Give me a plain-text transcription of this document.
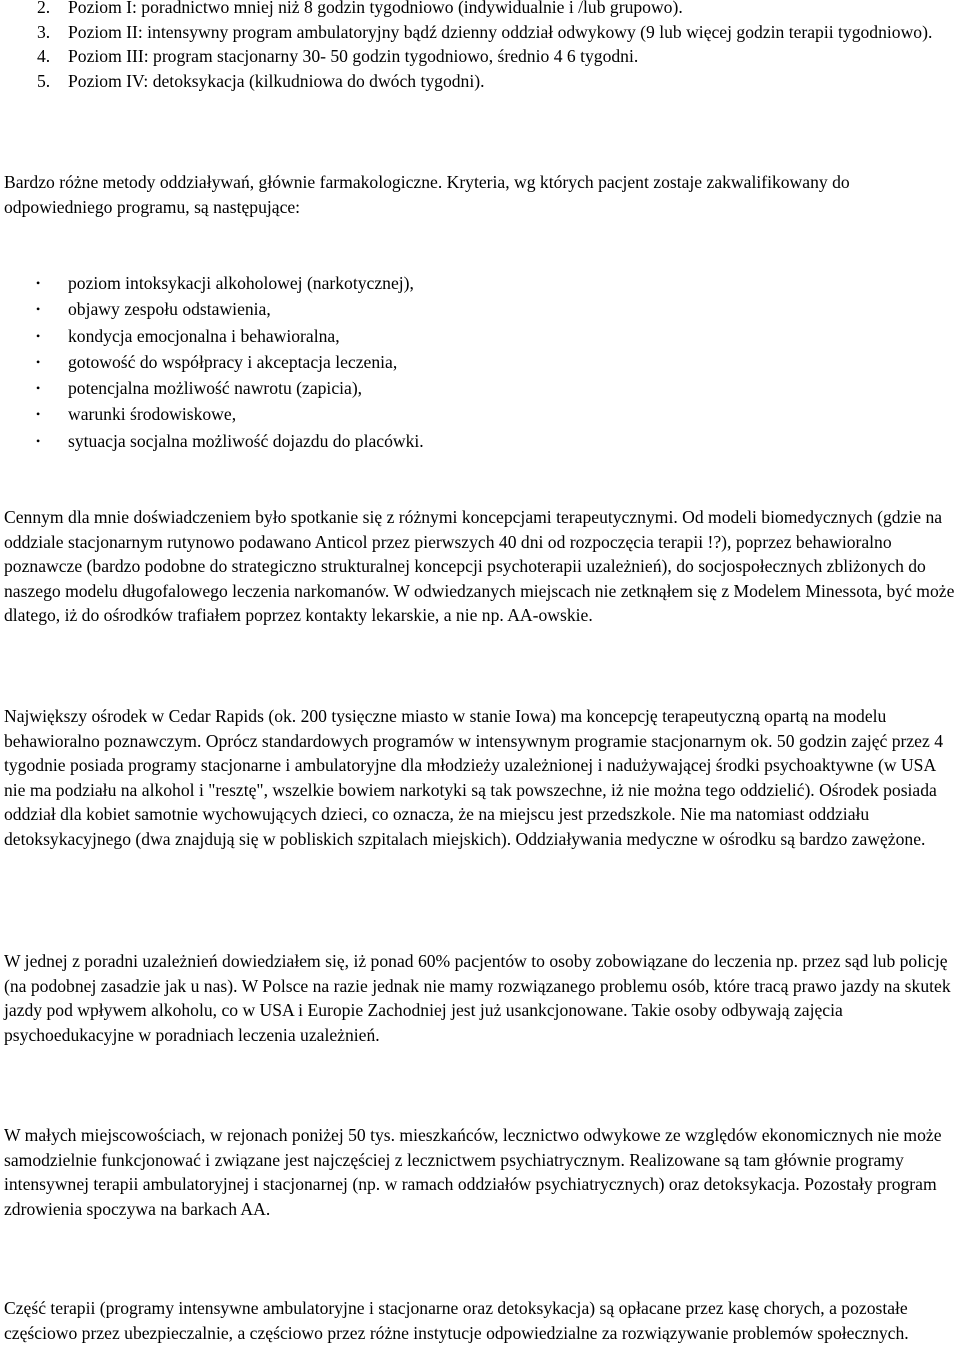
2. Poziom I: poradnictwo mniej niż 8 godzin tygodniowo (indywidualnie i /lub grupowo).
3. Poziom II: intensywny program ambulatoryjny bądź dzienny oddział odwykowy (9 lub więcej godzin terapii tygodniowo).
4. Poziom III: program stacjonarny 30- 50 godzin tygodniowo, średnio 4 6 tygodni.
5. Poziom IV: detoksykacja (kilkudniowa do dwóch tygodni).

Bardzo różne metody oddziaływań, głównie farmakologiczne. Kryteria, wg których pacjent zostaje zakwalifikowany do odpowiedniego programu, są następujące:

• poziom intoksykacji alkoholowej (narkotycznej),
• objawy zespołu odstawienia,
• kondycja emocjonalna i behawioralna,
• gotowość do współpracy i akceptacja leczenia,
• potencjalna możliwość nawrotu (zapicia),
• warunki środowiskowe,
• sytuacja socjalna możliwość dojazdu do placówki.

Cennym dla mnie doświadczeniem było spotkanie się z różnymi koncepcjami terapeutycznymi. Od modeli biomedycznych (gdzie na oddziale stacjonarnym rutynowo podawano Anticol przez pierwszych 40 dni od rozpoczęcia terapii !?), poprzez behawioralno poznawcze (bardzo podobne do strategiczno strukturalnej koncepcji psychoterapii uzależnień), do socjospołecznych zbliżonych do naszego modelu długofalowego leczenia narkomanów. W odwiedzanych miejscach nie zetknąłem się z Modelem Minessota, być może dlatego, iż do ośrodków trafiałem poprzez kontakty lekarskie, a nie np. AA-owskie.

Największy ośrodek w Cedar Rapids (ok. 200 tysięczne miasto w stanie Iowa) ma koncepcję terapeutyczną opartą na modelu behawioralno poznawczym. Oprócz standardowych programów w intensywnym programie stacjonarnym ok. 50 godzin zajęć przez 4 tygodnie posiada programy stacjonarne i ambulatoryjne dla młodzieży uzależnionej i nadużywającej środki psychoaktywne (w USA nie ma podziału na alkohol i "resztę", wszelkie bowiem narkotyki są tak powszechne, iż nie można tego oddzielić). Ośrodek posiada oddział dla kobiet samotnie wychowujących dzieci, co oznacza, że na miejscu jest przedszkole. Nie ma natomiast oddziału detoksykacyjnego (dwa znajdują się w pobliskich szpitalach miejskich). Oddziaływania medyczne w ośrodku są bardzo zawężone.

W jednej z poradni uzależnień dowiedziałem się, iż ponad 60% pacjentów to osoby zobowiązane do leczenia np. przez sąd lub policję (na podobnej zasadzie jak u nas). W Polsce na razie jednak nie mamy rozwiązanego problemu osób, które tracą prawo jazdy na skutek jazdy pod wpływem alkoholu, co w USA i Europie Zachodniej jest już usankcjonowane. Takie osoby odbywają zajęcia psychoedukacyjne w poradniach leczenia uzależnień.

W małych miejscowościach, w rejonach poniżej 50 tys. mieszkańców, lecznictwo odwykowe ze względów ekonomicznych nie może samodzielnie funkcjonować i związane jest najczęściej z lecznictwem psychiatrycznym. Realizowane są tam głównie programy intensywnej terapii ambulatoryjnej i stacjonarnej (np. w ramach oddziałów psychiatrycznych) oraz detoksykacja. Pozostały program zdrowienia spoczywa na barkach AA.

Część terapii (programy intensywne ambulatoryjne i stacjonarne oraz detoksykacja) są opłacane przez kasę chorych, a pozostałe częściowo przez ubezpieczalnie, a częściowo przez różne instytucje odpowiedzialne za rozwiązywanie problemów społecznych.
